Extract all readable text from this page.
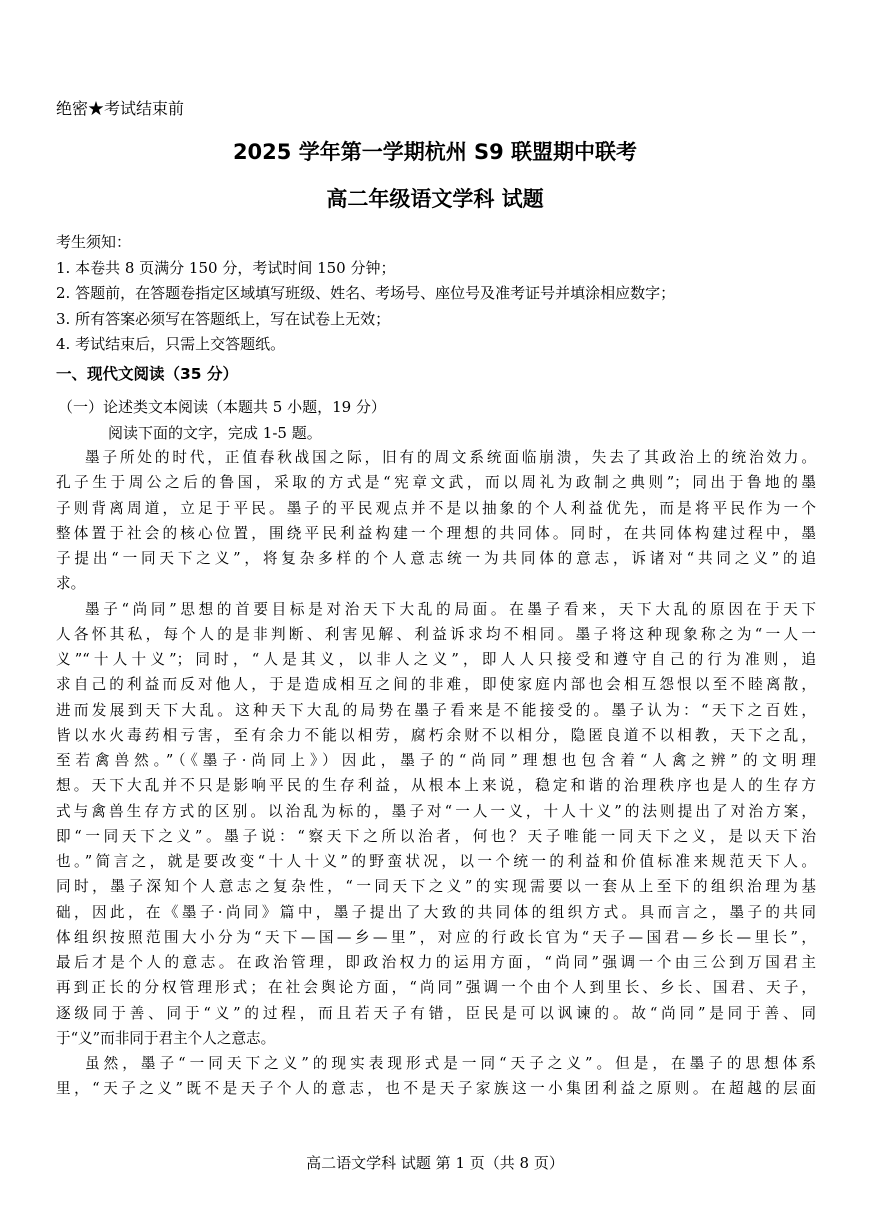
绝密★考试结束前
2025 学年第一学期杭州 S9 联盟期中联考
高二年级语文学科 试题
考生须知：
1. 本卷共 8 页满分 150 分，考试时间 150 分钟；
2. 答题前，在答题卷指定区域填写班级、姓名、考场号、座位号及准考证号并填涂相应数字；
3. 所有答案必须写在答题纸上，写在试卷上无效；
4. 考试结束后，只需上交答题纸。
一、现代文阅读（35 分）
（一）论述类文本阅读（本题共 5 小题，19 分）
阅读下面的文字，完成 1-5 题。
墨子所处的时代，正值春秋战国之际，旧有的周文系统面临崩溃，失去了其政治上的统治效力。
孔子生于周公之后的鲁国，采取的方式是“宪章文武，而以周礼为政制之典则”；同出于鲁地的墨
子则背离周道，立足于平民。墨子的平民观点并不是以抽象的个人利益优先，而是将平民作为一个
整体置于社会的核心位置，围绕平民利益构建一个理想的共同体。同时，在共同体构建过程中，墨
子提出“一同天下之义”，将复杂多样的个人意志统一为共同体的意志，诉诸对“共同之义”的追
求。
墨子“尚同”思想的首要目标是对治天下大乱的局面。在墨子看来，天下大乱的原因在于天下
人各怀其私，每个人的是非判断、利害见解、利益诉求均不相同。墨子将这种现象称之为“一人一
义”“十人十义”；同时，“人是其义，以非人之义”，即人人只接受和遵守自己的行为准则，追
求自己的利益而反对他人，于是造成相互之间的非难，即使家庭内部也会相互怨恨以至不睦离散，
进而发展到天下大乱。这种天下大乱的局势在墨子看来是不能接受的。墨子认为：“天下之百姓，
皆以水火毒药相亏害，至有余力不能以相劳，腐朽余财不以相分，隐匿良道不以相教，天下之乱，
至若禽兽然。”（《墨子·尚同上》）因此，墨子的“尚同”理想也包含着“人禽之辨”的文明理
想。天下大乱并不只是影响平民的生存利益，从根本上来说，稳定和谐的治理秩序也是人的生存方
式与禽兽生存方式的区别。以治乱为标的，墨子对“一人一义，十人十义”的法则提出了对治方案，
即“一同天下之义”。墨子说：“察天下之所以治者，何也？天子唯能一同天下之义，是以天下治
也。”简言之，就是要改变“十人十义”的野蛮状况，以一个统一的利益和价值标准来规范天下人。
同时，墨子深知个人意志之复杂性，“一同天下之义”的实现需要以一套从上至下的组织治理为基
础，因此，在《墨子·尚同》篇中，墨子提出了大致的共同体的组织方式。具而言之，墨子的共同
体组织按照范围大小分为“天下—国—乡—里”，对应的行政长官为“天子—国君—乡长—里长”，
最后才是个人的意志。在政治管理，即政治权力的运用方面，“尚同”强调一个由三公到万国君主
再到正长的分权管理形式；在社会舆论方面，“尚同”强调一个由个人到里长、乡长、国君、天子，
逐级同于善、同于“义”的过程，而且若天子有错，臣民是可以讽谏的。故“尚同”是同于善、同
于“义”而非同于君主个人之意志。
虽然，墨子“一同天下之义”的现实表现形式是一同“天子之义”。但是，在墨子的思想体系
里，“天子之义”既不是天子个人的意志，也不是天子家族这一小集团利益之原则。在超越的层面
高二语文学科 试题 第 1 页（共 8 页）
